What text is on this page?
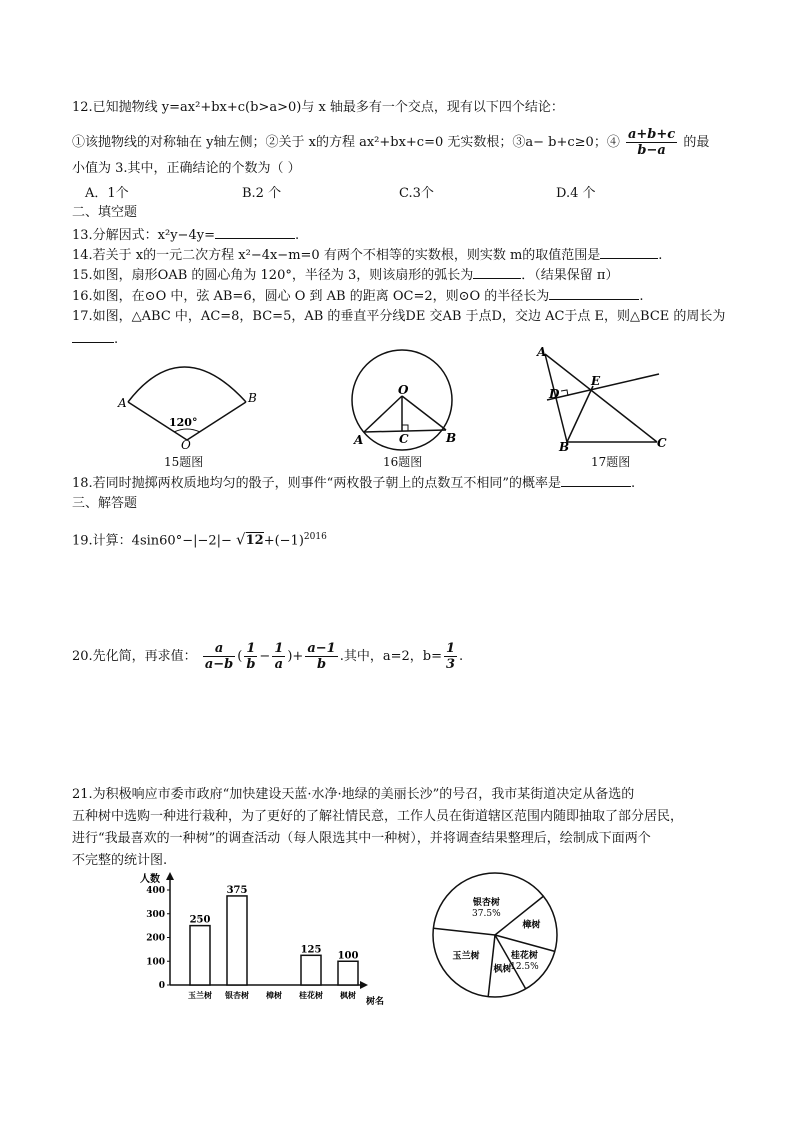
12.已知抛物线 y=ax²+bx+c(b>a>0)与 x 轴最多有一个交点，现有以下四个结论：
①该抛物线的对称轴在 y轴左侧；②关于 x的方程 ax²+bx+c=0 无实数根；③a− b+c≥0；④ $\frac{a+b+c}{b-a}$ 的最
小值为 3.其中，正确结论的个数为（ ）
A．1个	B.2 个	C.3个	D.4 个
二、填空题
13.分解因式：x²y−4y=	.
14.若关于 x的一元二次方程 x²−4x−m=0 有两个不相等的实数根，则实数 m的取值范围是	.
15.如图，扇形OAB 的圆心角为 120°，半径为 3，则该扇形的弧长为	．（结果保留 π）
16.如图，在⊙O 中，弦 AB=6，圆心 O 到 AB 的距离 OC=2，则⊙O 的半径长为	.
17.如图，△ABC 中，AC=8，BC=5，AB 的垂直平分线DE 交AB 于点D，交边 AC于点 E，则△BCE 的周长为
.
A	B
120°
O
15题图
O
A	B
C
16题图
A
D
E
B	C
17题图
18.若同时抛掷两枚质地均匀的骰子，则事件“两枚骰子朝上的点数互不相同”的概率是	.
三、解答题
19.计算：$4\sin 60^\circ-|-2|- √12+(-1)^{2016}$
20.先化简，再求值： $\frac{a}{a-b}$ ( $\frac{1}{b} - \frac{1}{a}$ )+ $\frac{a-1}{b}$ .其中，a=2，$b= \frac{1}{3}$ .
21.为积极响应市委市政府“加快建设天蓝·水净·地绿的美丽长沙”的号召，我市某街道决定从备选的
五种树中选购一种进行栽种，为了更好的了解社情民意，工作人员在街道辖区范围内随即抽取了部分居民，
进行“我最喜欢的一种树”的调查活动（每人限选其中一种树），并将调查结果整理后，绘制成下面两个
不完整的统计图.
人数
树名
0
100
200
300
400
250
375
125
100
玉兰树 银杏树 樟树 桂花树 枫树
银杏树
37.5%
樟树
桂花树
12.5%
枫树
玉兰树
